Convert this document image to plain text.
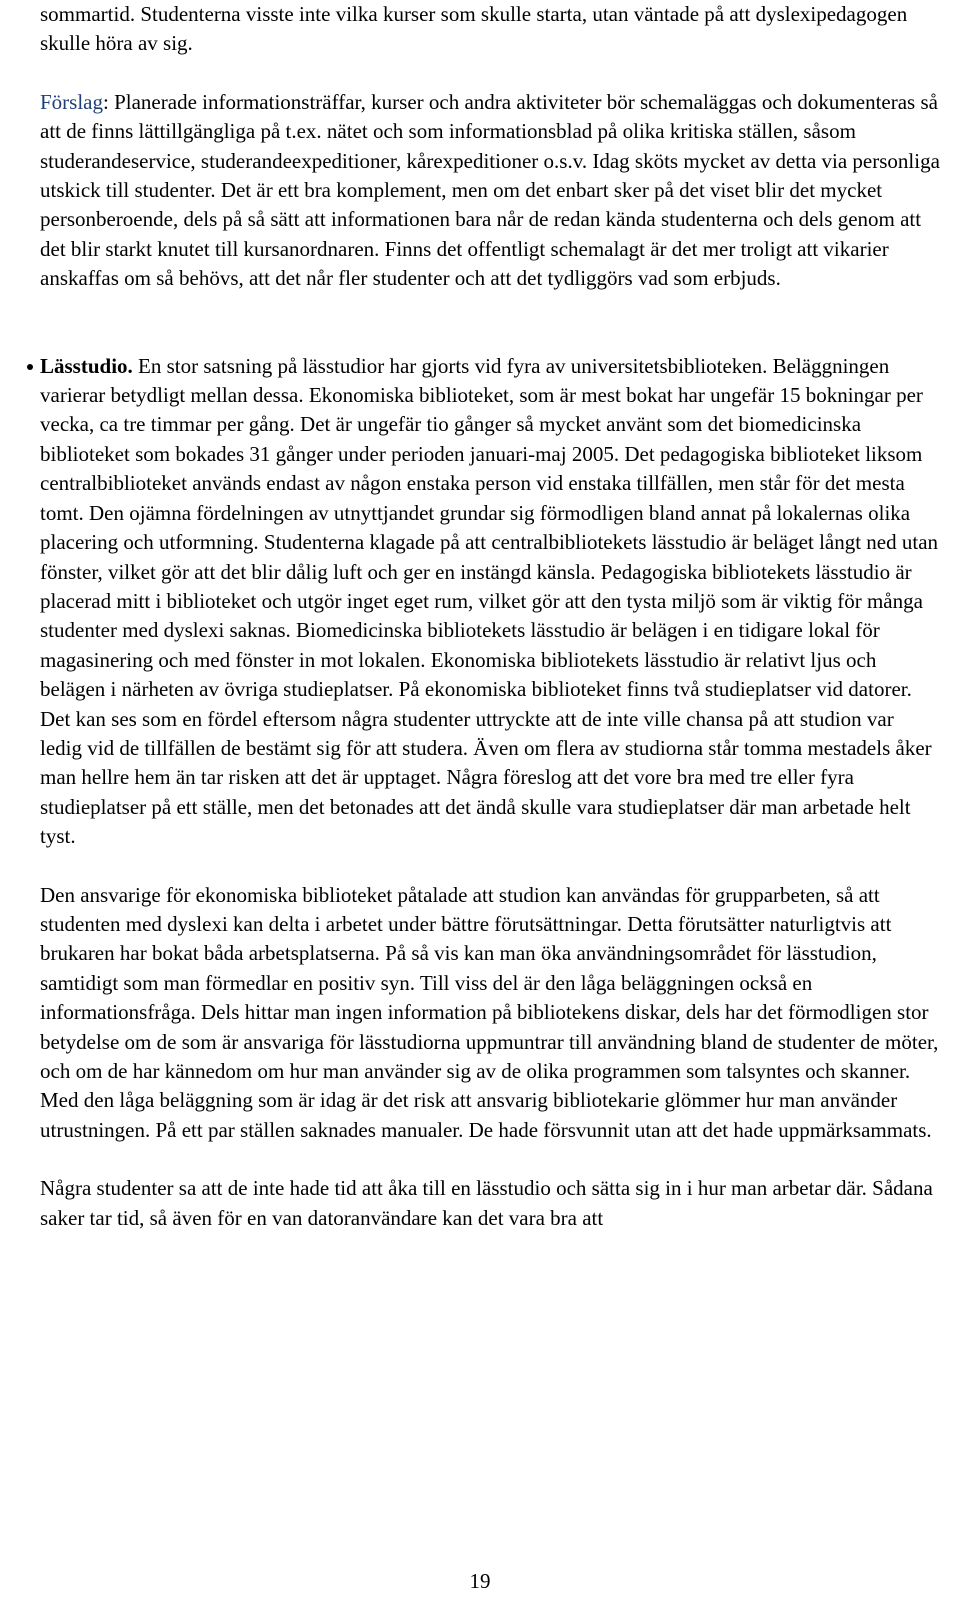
sommartid. Studenterna visste inte vilka kurser som skulle starta, utan väntade på att dyslexipedagogen skulle höra av sig.

Förslag: Planerade informationsträffar, kurser och andra aktiviteter bör schemaläggas och dokumenteras så att de finns lättillgängliga på t.ex. nätet och som informationsblad på olika kritiska ställen, såsom studerandeservice, studerandeexpeditioner, kårexpeditioner o.s.v. Idag sköts mycket av detta via personliga utskick till studenter. Det är ett bra komplement, men om det enbart sker på det viset blir det mycket personberoende, dels på så sätt att informationen bara når de redan kända studenterna och dels genom att det blir starkt knutet till kursanordnaren. Finns det offentligt schemalagt är det mer troligt att vikarier anskaffas om så behövs, att det når fler studenter och att det tydliggörs vad som erbjuds.

Lässtudio. En stor satsning på lässtudior har gjorts vid fyra av universitetsbiblioteken. Beläggningen varierar betydligt mellan dessa. Ekonomiska biblioteket, som är mest bokat har ungefär 15 bokningar per vecka, ca tre timmar per gång. Det är ungefär tio gånger så mycket använt som det biomedicinska biblioteket som bokades 31 gånger under perioden januari-maj 2005. Det pedagogiska biblioteket liksom centralbiblioteket används endast av någon enstaka person vid enstaka tillfällen, men står för det mesta tomt. Den ojämna fördelningen av utnyttjandet grundar sig förmodligen bland annat på lokalernas olika placering och utformning. Studenterna klagade på att centralbibliotekets lässtudio är beläget långt ned utan fönster, vilket gör att det blir dålig luft och ger en instängd känsla. Pedagogiska bibliotekets lässtudio är placerad mitt i biblioteket och utgör inget eget rum, vilket gör att den tysta miljö som är viktig för många studenter med dyslexi saknas. Biomedicinska bibliotekets lässtudio är belägen i en tidigare lokal för magasinering och med fönster in mot lokalen. Ekonomiska bibliotekets lässtudio är relativt ljus och belägen i närheten av övriga studieplatser. På ekonomiska biblioteket finns två studieplatser vid datorer. Det kan ses som en fördel eftersom några studenter uttryckte att de inte ville chansa på att studion var ledig vid de tillfällen de bestämt sig för att studera. Även om flera av studiorna står tomma mestadels åker man hellre hem än tar risken att det är upptaget. Några föreslog att det vore bra med tre eller fyra studieplatser på ett ställe, men det betonades att det ändå skulle vara studieplatser där man arbetade helt tyst.

Den ansvarige för ekonomiska biblioteket påtalade att studion kan användas för grupparbeten, så att studenten med dyslexi kan delta i arbetet under bättre förutsättningar. Detta förutsätter naturligtvis att brukaren har bokat båda arbetsplatserna. På så vis kan man öka användningsområdet för lässtudion, samtidigt som man förmedlar en positiv syn. Till viss del är den låga beläggningen också en informationsfråga. Dels hittar man ingen information på bibliotekens diskar, dels har det förmodligen stor betydelse om de som är ansvariga för lässtudiorna uppmuntrar till användning bland de studenter de möter, och om de har kännedom om hur man använder sig av de olika programmen som talsyntes och skanner. Med den låga beläggning som är idag är det risk att ansvarig bibliotekarie glömmer hur man använder utrustningen. På ett par ställen saknades manualer. De hade försvunnit utan att det hade uppmärksammats.

Några studenter sa att de inte hade tid att åka till en lässtudio och sätta sig in i hur man arbetar där. Sådana saker tar tid, så även för en van datoranvändare kan det vara bra att

19
